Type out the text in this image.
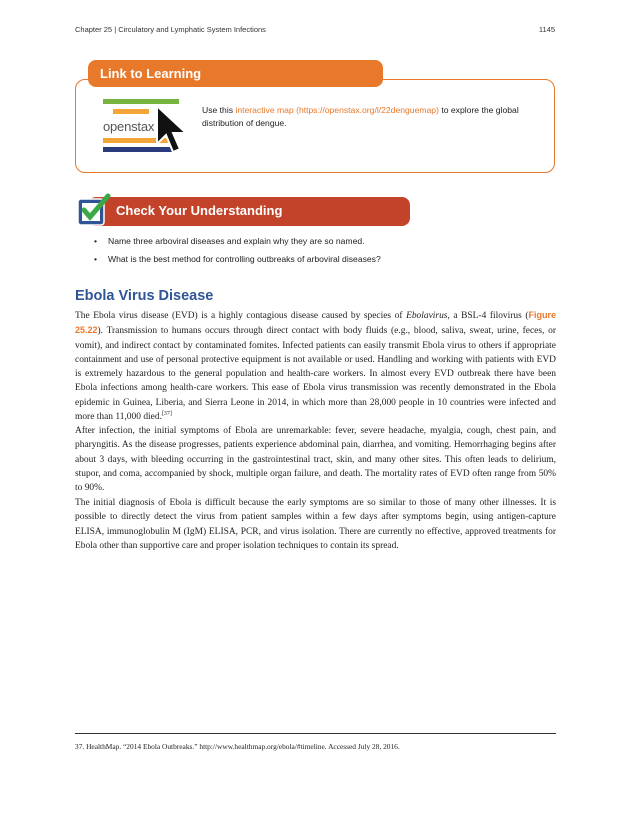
Chapter 25 | Circulatory and Lymphatic System Infections	1145
Link to Learning
openstax
Use this interactive map (https://openstax.org/l/22denguemap) to explore the global distribution of dengue.
Check Your Understanding
• Name three arboviral diseases and explain why they are so named.
• What is the best method for controlling outbreaks of arboviral diseases?
Ebola Virus Disease

The Ebola virus disease (EVD) is a highly contagious disease caused by species of Ebolavirus, a BSL-4 filovirus (Figure 25.22). Transmission to humans occurs through direct contact with body fluids (e.g., blood, saliva, sweat, urine, feces, or vomit), and indirect contact by contaminated fomites. Infected patients can easily transmit Ebola virus to others if appropriate containment and use of personal protective equipment is not available or used. Handling and working with patients with EVD is extremely hazardous to the general population and health-care workers. In almost every EVD outbreak there have been Ebola infections among health-care workers. This ease of Ebola virus transmission was recently demonstrated in the Ebola epidemic in Guinea, Liberia, and Sierra Leone in 2014, in which more than 28,000 people in 10 countries were infected and more than 11,000 died.[37]

After infection, the initial symptoms of Ebola are unremarkable: fever, severe headache, myalgia, cough, chest pain, and pharyngitis. As the disease progresses, patients experience abdominal pain, diarrhea, and vomiting. Hemorrhaging begins after about 3 days, with bleeding occurring in the gastrointestinal tract, skin, and many other sites. This often leads to delirium, stupor, and coma, accompanied by shock, multiple organ failure, and death. The mortality rates of EVD often range from 50% to 90%.

The initial diagnosis of Ebola is difficult because the early symptoms are so similar to those of many other illnesses. It is possible to directly detect the virus from patient samples within a few days after symptoms begin, using antigen-capture ELISA, immunoglobulin M (IgM) ELISA, PCR, and virus isolation. There are currently no effective, approved treatments for Ebola other than supportive care and proper isolation techniques to contain its spread.

37. HealthMap. “2014 Ebola Outbreaks.” http://www.healthmap.org/ebola/#timeline. Accessed July 28, 2016.
